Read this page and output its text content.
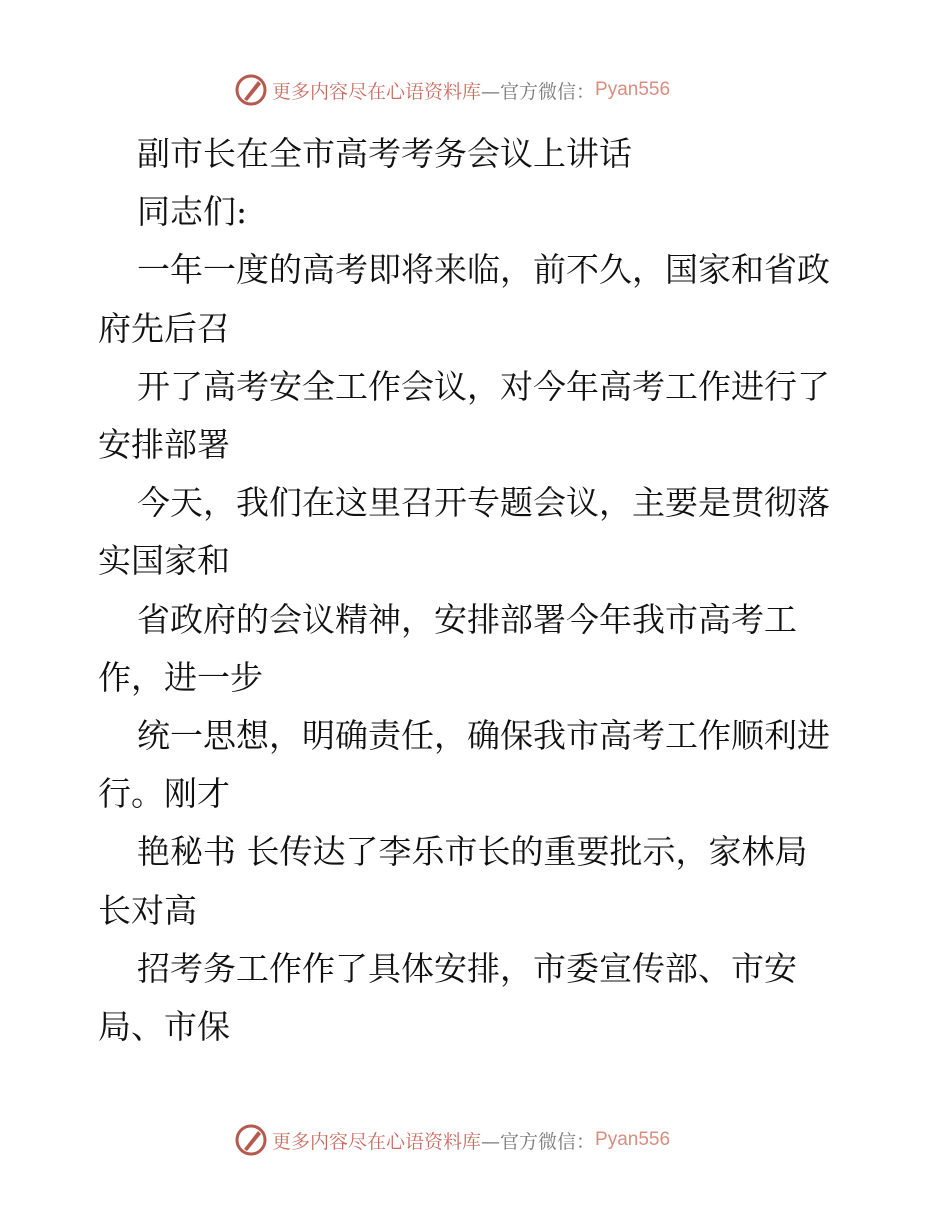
更多内容尽在心语资料库 —官方微信： Pyan556
副市长在全市高考考务会议上讲话
同志们:
一年一度的高考即将来临，前不久，国家和省政
府先后召
开了高考安全工作会议，对今年高考工作进行了
安排部署
今天，我们在这里召开专题会议，主要是贯彻落
实国家和
省政府的会议精神，安排部署今年我市高考工
作，进一步
统一思想，明确责任，确保我市高考工作顺利进
行。刚才
艳秘书 长传达了李乐市长的重要批示，家林局
长对高
招考务工作作了具体安排，市委宣传部、市安
局、市保
更多内容尽在心语资料库 —官方微信： Pyan556
